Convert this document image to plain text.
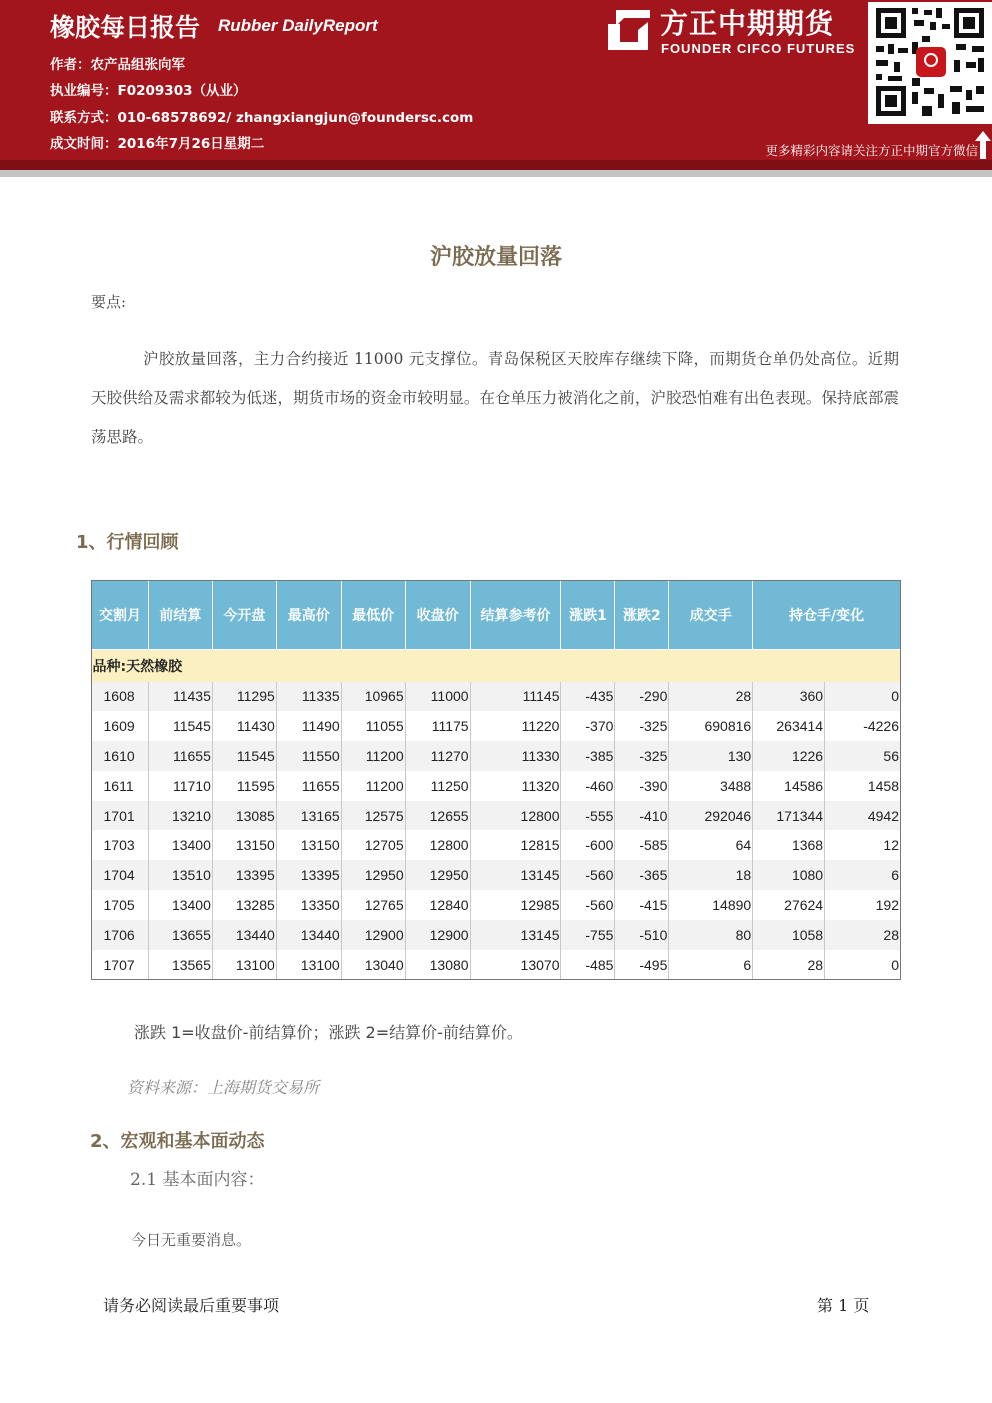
橡胶每日报告 Rubber DailyReport
作者：农产品组张向军
执业编号：F0209303（从业）
联系方式：010-68578692/ zhangxiangjun@foundersc.com
成文时间：2016年7月26日星期二
方正中期期货
FOUNDER CIFCO FUTURES
更多精彩内容请关注方正中期官方微信
沪胶放量回落
要点:
沪胶放量回落，主力合约接近 11000 元支撑位。青岛保税区天胶库存继续下降，而期货仓单仍处高位。近期天胶供给及需求都较为低迷，期货市场的资金市较明显。在仓单压力被消化之前，沪胶恐怕难有出色表现。保持底部震荡思路。
1、行情回顾
交割月	前结算	今开盘	最高价	最低价	收盘价	结算参考价	涨跌1	涨跌2	成交手	持仓手/变化	
品种:天然橡胶											
1608	11435	11295	11335	10965	11000	11145	-435	-290	28	360	0
1609	11545	11430	11490	11055	11175	11220	-370	-325	690816	263414	-4226
1610	11655	11545	11550	11200	11270	11330	-385	-325	130	1226	56
1611	11710	11595	11655	11200	11250	11320	-460	-390	3488	14586	1458
1701	13210	13085	13165	12575	12655	12800	-555	-410	292046	171344	4942
1703	13400	13150	13150	12705	12800	12815	-600	-585	64	1368	12
1704	13510	13395	13395	12950	12950	13145	-560	-365	18	1080	6
1705	13400	13285	13350	12765	12840	12985	-560	-415	14890	27624	192
1706	13655	13440	13440	12900	12900	13145	-755	-510	80	1058	28
1707	13565	13100	13100	13040	13080	13070	-485	-495	6	28	0
涨跌 1=收盘价-前结算价；涨跌 2=结算价-前结算价。
资料来源：上海期货交易所
2、宏观和基本面动态
2.1 基本面内容：
今日无重要消息。
请务必阅读最后重要事项	第 1 页
